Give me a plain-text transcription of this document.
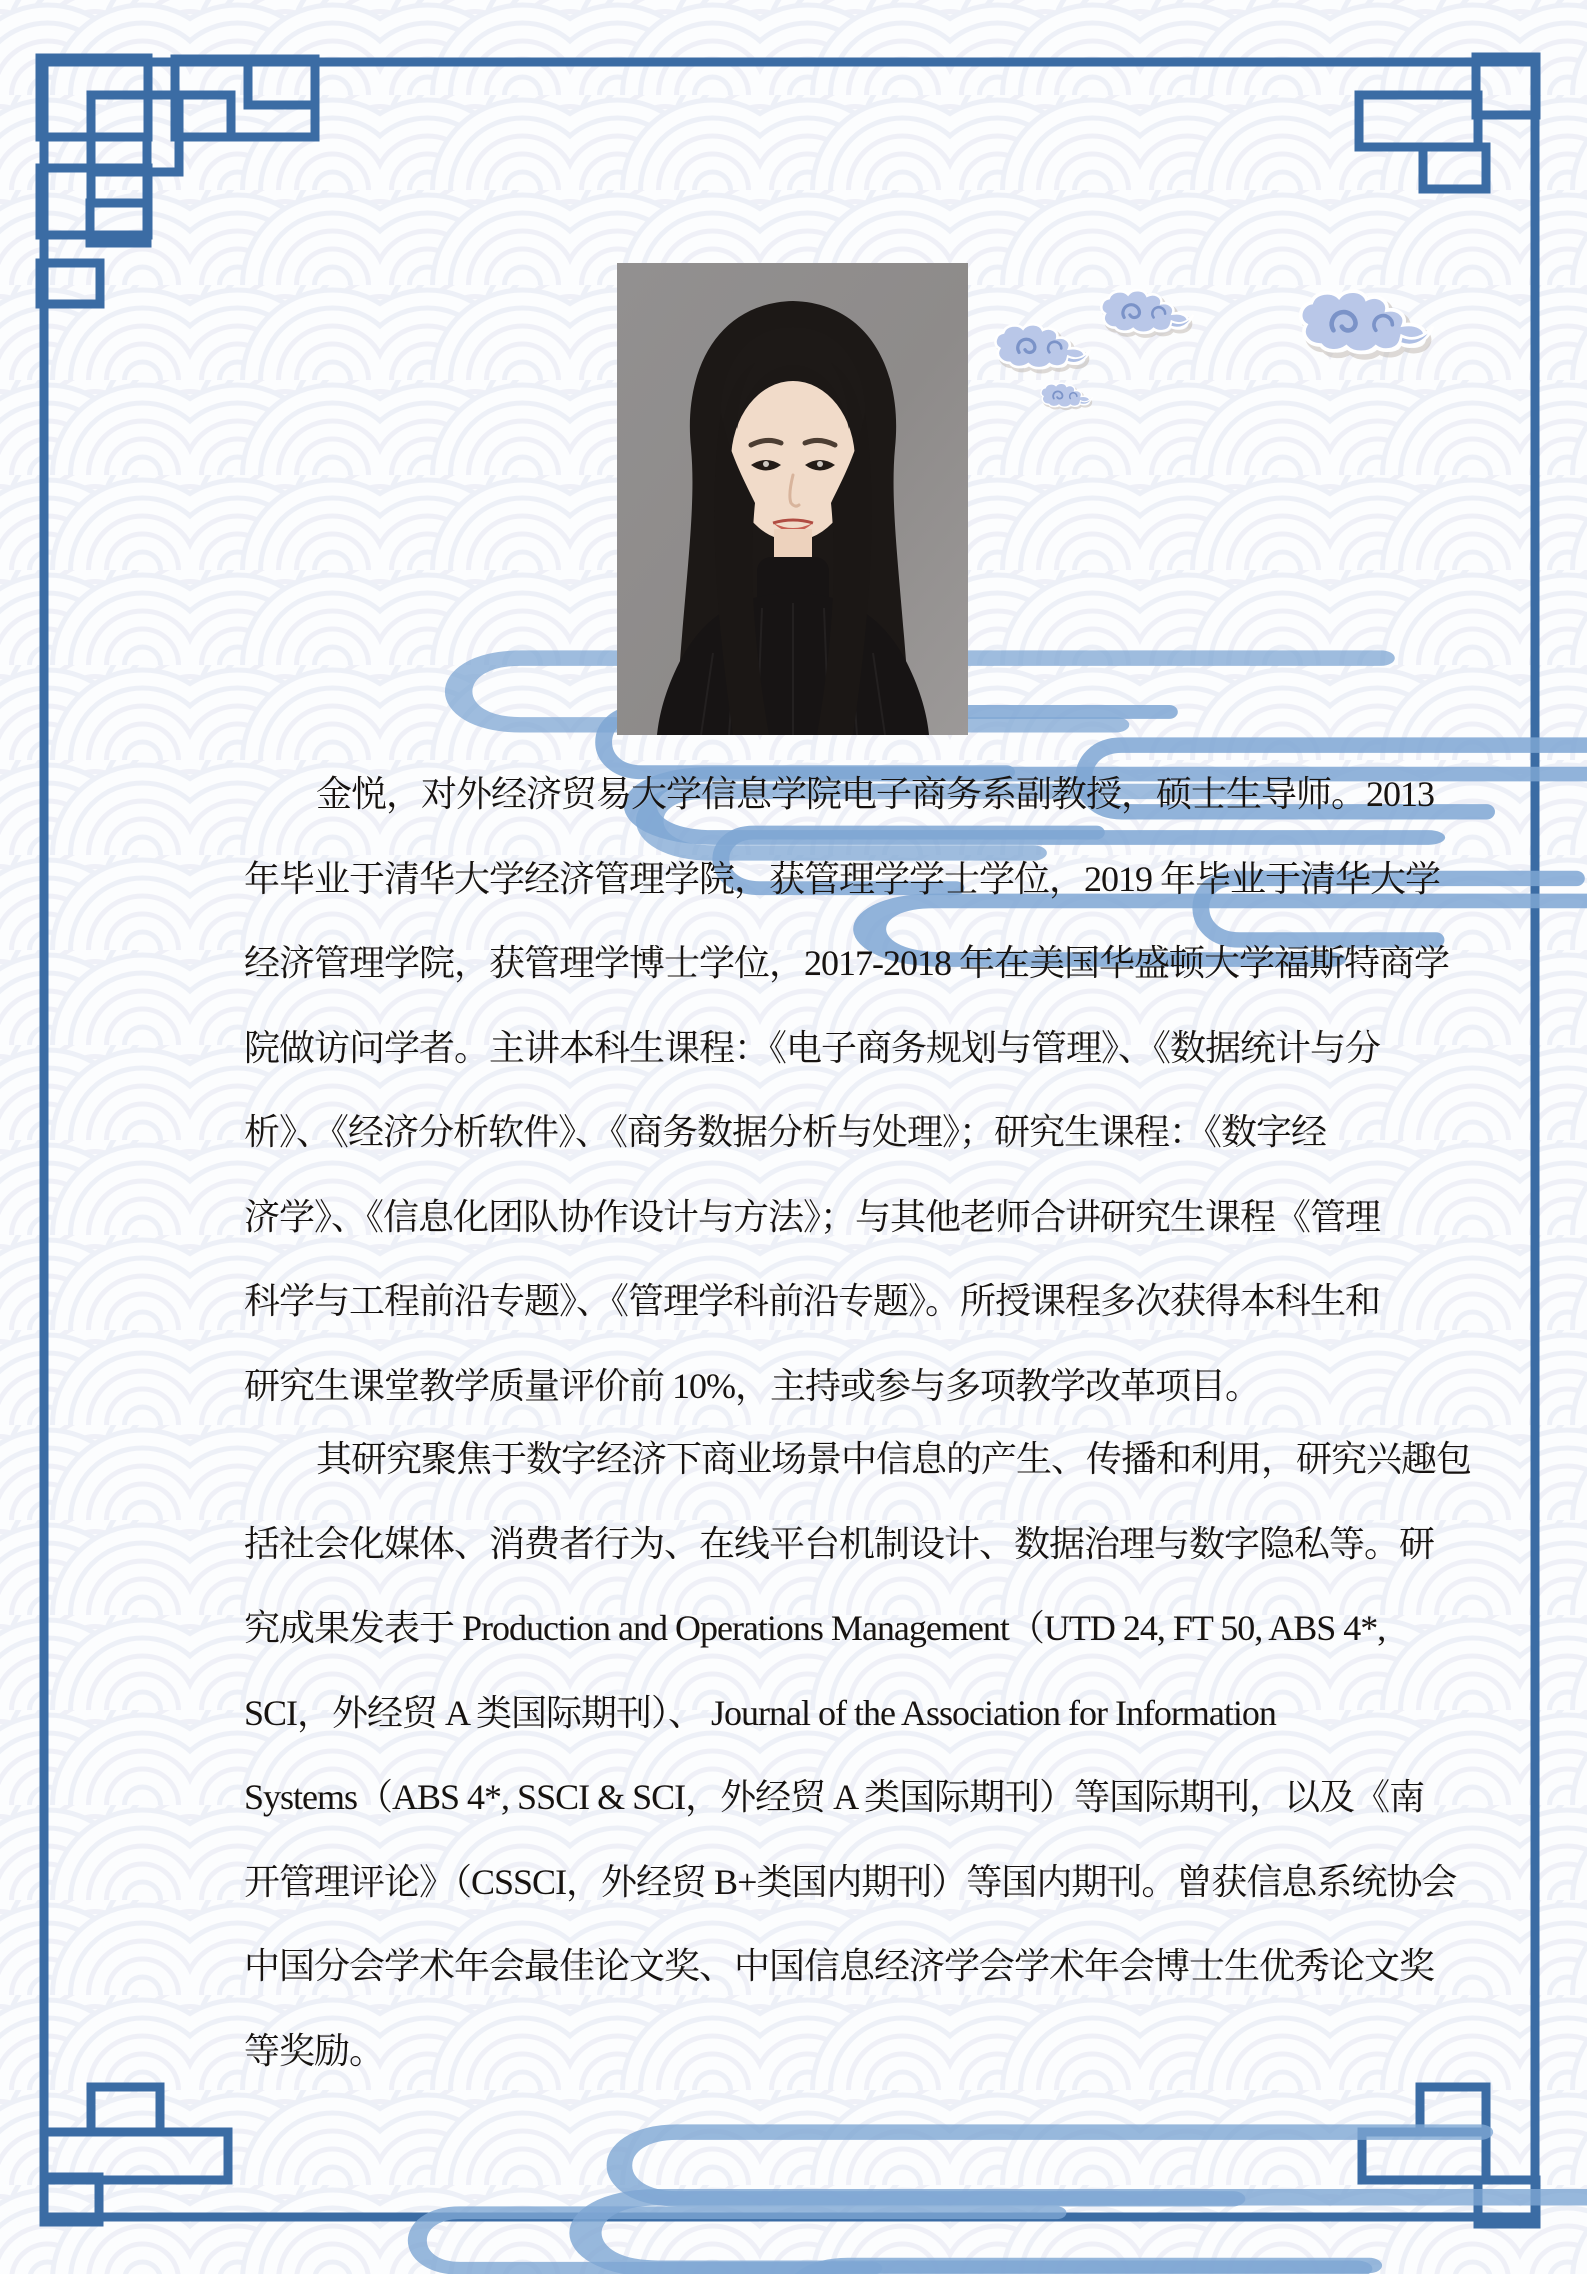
金悦，对外经济贸易大学信息学院电子商务系副教授，硕士生导师。2013
年毕业于清华大学经济管理学院，获管理学学士学位，2019 年毕业于清华大学
经济管理学院，获管理学博士学位，2017-2018 年在美国华盛顿大学福斯特商学
院做访问学者。主讲本科生课程：《电子商务规划与管理》、《数据统计与分
析》、《经济分析软件》、《商务数据分析与处理》；研究生课程：《数字经
济学》、《信息化团队协作设计与方法》；与其他老师合讲研究生课程《管理
科学与工程前沿专题》、《管理学科前沿专题》。所授课程多次获得本科生和
研究生课堂教学质量评价前 10%，主持或参与多项教学改革项目。
其研究聚焦于数字经济下商业场景中信息的产生、传播和利用，研究兴趣包
括社会化媒体、消费者行为、在线平台机制设计、数据治理与数字隐私等。研
究成果发表于 Production and Operations Management（UTD 24, FT 50, ABS 4*,
SCI，外经贸 A 类国际期刊）、 Journal of the Association for Information
Systems（ABS 4*, SSCI & SCI，外经贸 A 类国际期刊）等国际期刊，以及《南
开管理评论》（CSSCI，外经贸 B+类国内期刊）等国内期刊。曾获信息系统协会
中国分会学术年会最佳论文奖、中国信息经济学会学术年会博士生优秀论文奖
等奖励。
